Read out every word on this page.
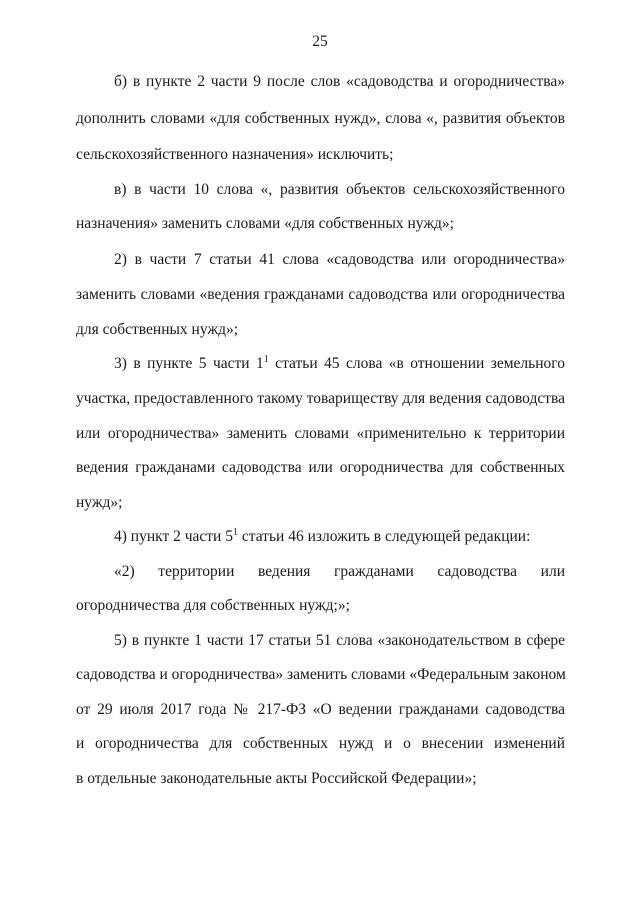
25
б) в пункте 2 части 9 после слов «садоводства и огородничества»
дополнить словами «для собственных нужд», слова «, развития объектов
сельскохозяйственного назначения» исключить;
в) в части 10 слова «, развития объектов сельскохозяйственного
назначения» заменить словами «для собственных нужд»;
2) в части 7 статьи 41 слова «садоводства или огородничества»
заменить словами «ведения гражданами садоводства или огородничества
для собственных нужд»;
3) в пункте 5 части $1^1$ статьи 45 слова «в отношении земельного
участка, предоставленного такому товариществу для ведения садоводства
или огородничества» заменить словами «применительно к территории
ведения гражданами садоводства или огородничества для собственных
нужд»;
4) пункт 2 части $5^1$ статьи 46 изложить в следующей редакции:
«2) территории ведения гражданами садоводства или
огородничества для собственных нужд;»;
5) в пункте 1 части 17 статьи 51 слова «законодательством в сфере
садоводства и огородничества» заменить словами «Федеральным законом
от 29 июля 2017 года № 217-ФЗ «О ведении гражданами садоводства
и огородничества для собственных нужд и о внесении изменений
в отдельные законодательные акты Российской Федерации»;
